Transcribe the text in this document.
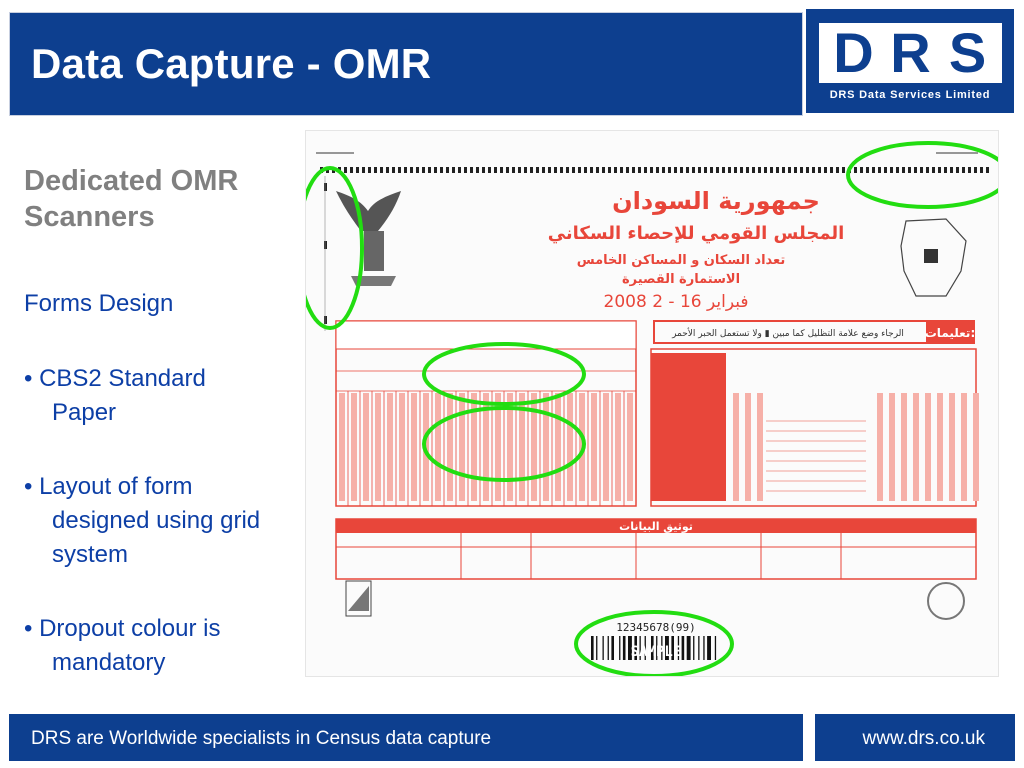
Data Capture - OMR	D R S
DRS Data Services Limited
Dedicated OMR Scanners
Forms Design
• CBS2 Standard
Paper
• Layout of form
designed using grid
system
• Dropout colour is
mandatory
جمهورية السودان
المجلس القومي للإحصاء السكاني
تعداد السكان و المساكن الخامس
الاستمارة القصيرة
2008 فبراير 16 - 2
تعليمات:
الرجاء وضع علامة التظليل كما مبين ▮ ولا تستعمل الحبر الأحمر
توثيق البيانات
12345678(99)
SAMPLE
DRS are Worldwide specialists in Census data capture	www.drs.co.uk
